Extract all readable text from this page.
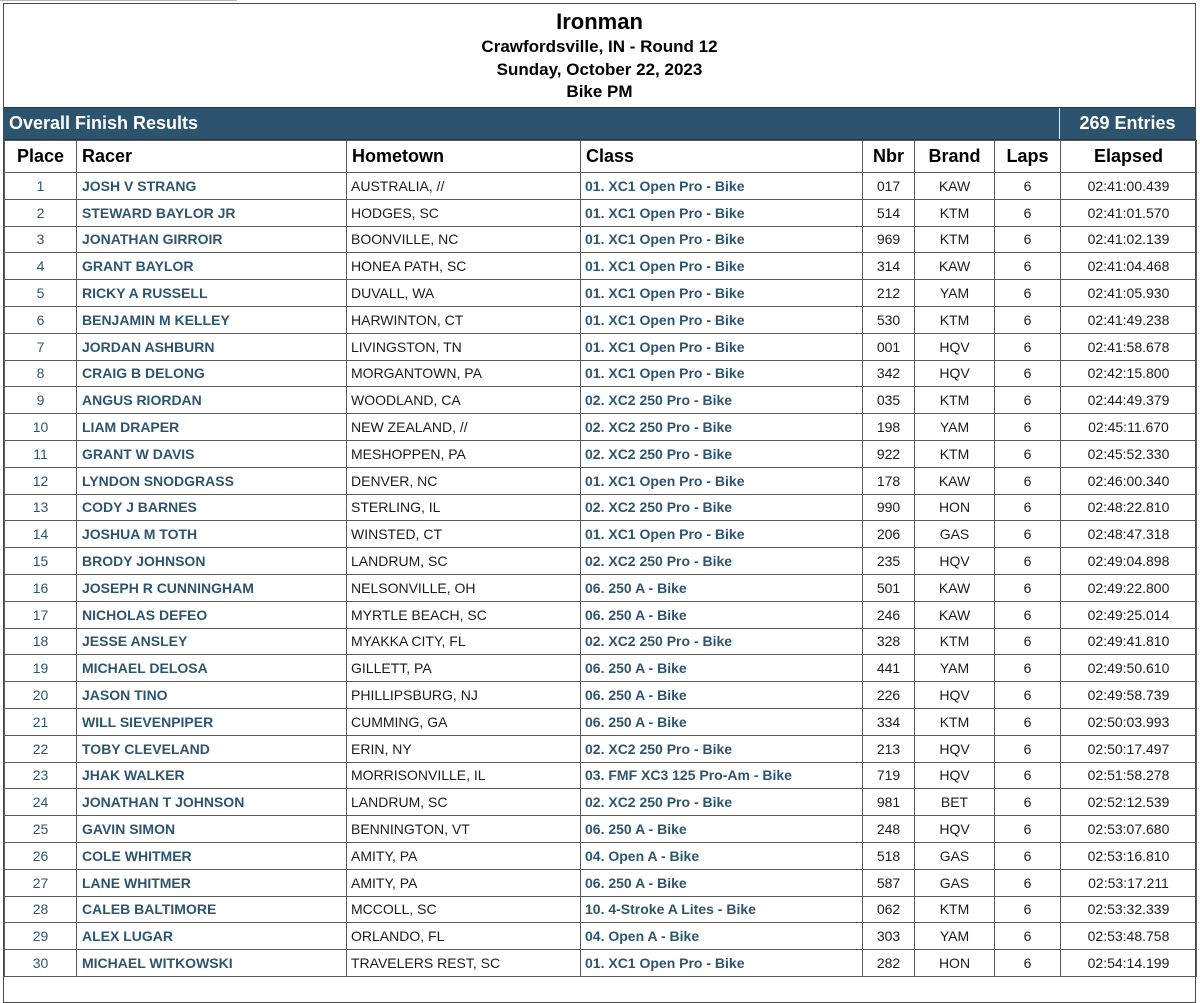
Ironman
Crawfordsville, IN - Round 12
Sunday, October 22, 2023
Bike PM
Overall Finish Results	269 Entries
Place	Racer	Hometown	Class	Nbr	Brand	Laps	Elapsed
1	JOSH V STRANG	AUSTRALIA, //	01. XC1 Open Pro - Bike	017	KAW	6	02:41:00.439
2	STEWARD BAYLOR JR	HODGES, SC	01. XC1 Open Pro - Bike	514	KTM	6	02:41:01.570
3	JONATHAN GIRROIR	BOONVILLE, NC	01. XC1 Open Pro - Bike	969	KTM	6	02:41:02.139
4	GRANT BAYLOR	HONEA PATH, SC	01. XC1 Open Pro - Bike	314	KAW	6	02:41:04.468
5	RICKY A RUSSELL	DUVALL, WA	01. XC1 Open Pro - Bike	212	YAM	6	02:41:05.930
6	BENJAMIN M KELLEY	HARWINTON, CT	01. XC1 Open Pro - Bike	530	KTM	6	02:41:49.238
7	JORDAN ASHBURN	LIVINGSTON, TN	01. XC1 Open Pro - Bike	001	HQV	6	02:41:58.678
8	CRAIG B DELONG	MORGANTOWN, PA	01. XC1 Open Pro - Bike	342	HQV	6	02:42:15.800
9	ANGUS RIORDAN	WOODLAND, CA	02. XC2 250 Pro - Bike	035	KTM	6	02:44:49.379
10	LIAM DRAPER	NEW ZEALAND, //	02. XC2 250 Pro - Bike	198	YAM	6	02:45:11.670
11	GRANT W DAVIS	MESHOPPEN, PA	02. XC2 250 Pro - Bike	922	KTM	6	02:45:52.330
12	LYNDON SNODGRASS	DENVER, NC	01. XC1 Open Pro - Bike	178	KAW	6	02:46:00.340
13	CODY J BARNES	STERLING, IL	02. XC2 250 Pro - Bike	990	HON	6	02:48:22.810
14	JOSHUA M TOTH	WINSTED, CT	01. XC1 Open Pro - Bike	206	GAS	6	02:48:47.318
15	BRODY JOHNSON	LANDRUM, SC	02. XC2 250 Pro - Bike	235	HQV	6	02:49:04.898
16	JOSEPH R CUNNINGHAM	NELSONVILLE, OH	06. 250 A - Bike	501	KAW	6	02:49:22.800
17	NICHOLAS DEFEO	MYRTLE BEACH, SC	06. 250 A - Bike	246	KAW	6	02:49:25.014
18	JESSE ANSLEY	MYAKKA CITY, FL	02. XC2 250 Pro - Bike	328	KTM	6	02:49:41.810
19	MICHAEL DELOSA	GILLETT, PA	06. 250 A - Bike	441	YAM	6	02:49:50.610
20	JASON TINO	PHILLIPSBURG, NJ	06. 250 A - Bike	226	HQV	6	02:49:58.739
21	WILL SIEVENPIPER	CUMMING, GA	06. 250 A - Bike	334	KTM	6	02:50:03.993
22	TOBY CLEVELAND	ERIN, NY	02. XC2 250 Pro - Bike	213	HQV	6	02:50:17.497
23	JHAK WALKER	MORRISONVILLE, IL	03. FMF XC3 125 Pro-Am - Bike	719	HQV	6	02:51:58.278
24	JONATHAN T JOHNSON	LANDRUM, SC	02. XC2 250 Pro - Bike	981	BET	6	02:52:12.539
25	GAVIN SIMON	BENNINGTON, VT	06. 250 A - Bike	248	HQV	6	02:53:07.680
26	COLE WHITMER	AMITY, PA	04. Open A - Bike	518	GAS	6	02:53:16.810
27	LANE WHITMER	AMITY, PA	06. 250 A - Bike	587	GAS	6	02:53:17.211
28	CALEB BALTIMORE	MCCOLL, SC	10. 4-Stroke A Lites - Bike	062	KTM	6	02:53:32.339
29	ALEX LUGAR	ORLANDO, FL	04. Open A - Bike	303	YAM	6	02:53:48.758
30	MICHAEL WITKOWSKI	TRAVELERS REST, SC	01. XC1 Open Pro - Bike	282	HON	6	02:54:14.199
